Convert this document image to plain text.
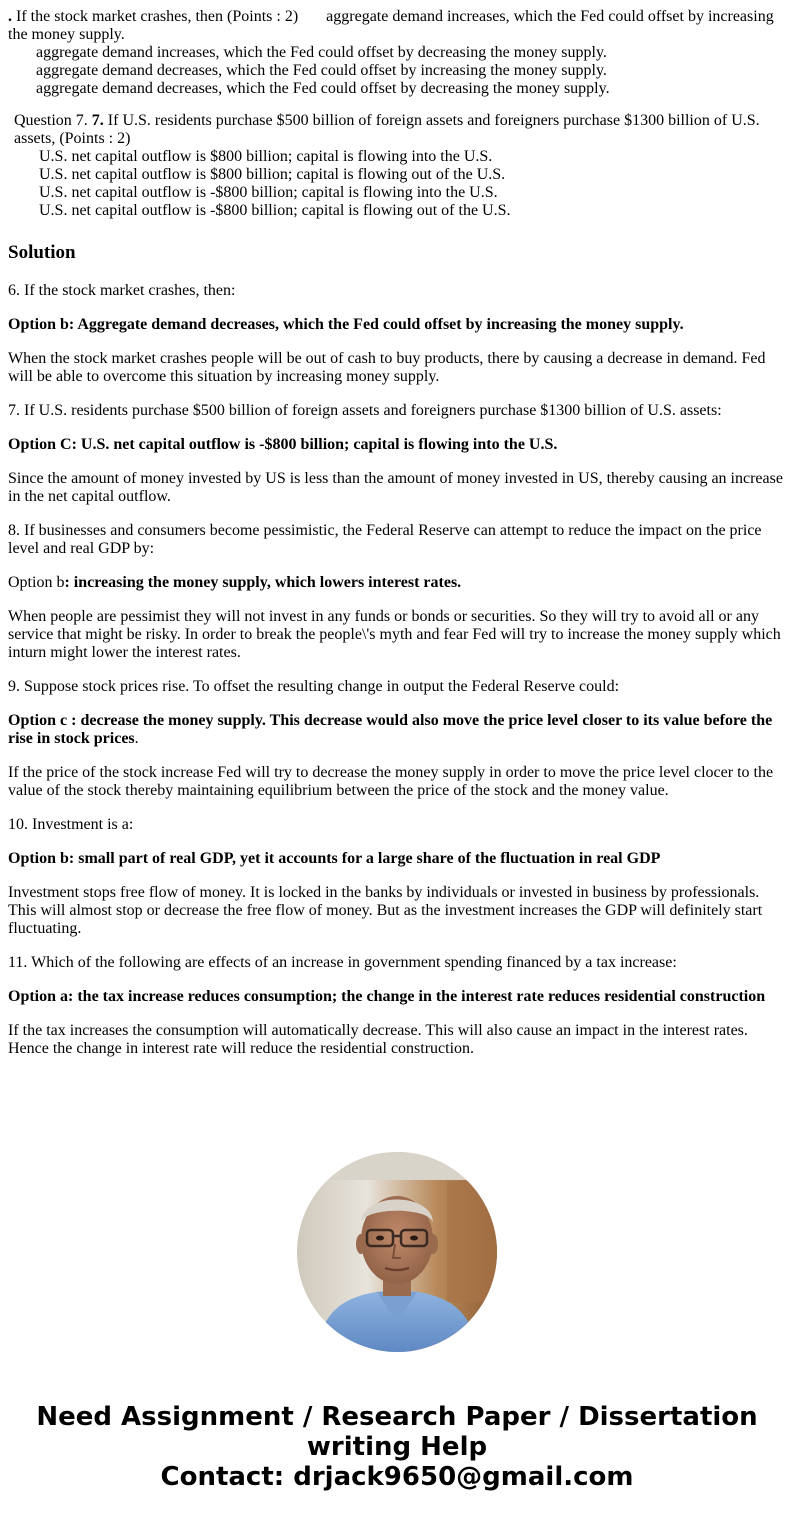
. If the stock market crashes, then (Points : 2) aggregate demand increases, which the Fed could offset by increasing the money supply.
aggregate demand increases, which the Fed could offset by decreasing the money supply.
aggregate demand decreases, which the Fed could offset by increasing the money supply.
aggregate demand decreases, which the Fed could offset by decreasing the money supply.
Question 7. 7. If U.S. residents purchase $500 billion of foreign assets and foreigners purchase $1300 billion of U.S. assets, (Points : 2)
U.S. net capital outflow is $800 billion; capital is flowing into the U.S.
U.S. net capital outflow is $800 billion; capital is flowing out of the U.S.
U.S. net capital outflow is -$800 billion; capital is flowing into the U.S.
U.S. net capital outflow is -$800 billion; capital is flowing out of the U.S.
Solution

6. If the stock market crashes, then:

Option b: Aggregate demand decreases, which the Fed could offset by increasing the money supply.

When the stock market crashes people will be out of cash to buy products, there by causing a decrease in demand. Fed will be able to overcome this situation by increasing money supply.

7. If U.S. residents purchase $500 billion of foreign assets and foreigners purchase $1300 billion of U.S. assets:

Option C: U.S. net capital outflow is -$800 billion; capital is flowing into the U.S.

Since the amount of money invested by US is less than the amount of money invested in US, thereby causing an increase in the net capital outflow.

8. If businesses and consumers become pessimistic, the Federal Reserve can attempt to reduce the impact on the price level and real GDP by:

Option b: increasing the money supply, which lowers interest rates.

When people are pessimist they will not invest in any funds or bonds or securities. So they will try to avoid all or any service that might be risky. In order to break the people\'s myth and fear Fed will try to increase the money supply which inturn might lower the interest rates.

9. Suppose stock prices rise. To offset the resulting change in output the Federal Reserve could:

Option c : decrease the money supply. This decrease would also move the price level closer to its value before the rise in stock prices.

If the price of the stock increase Fed will try to decrease the money supply in order to move the price level clocer to the value of the stock thereby maintaining equilibrium between the price of the stock and the money value.

10. Investment is a:

Option b: small part of real GDP, yet it accounts for a large share of the fluctuation in real GDP

Investment stops free flow of money. It is locked in the banks by individuals or invested in business by professionals. This will almost stop or decrease the free flow of money. But as the investment increases the GDP will definitely start fluctuating.

11. Which of the following are effects of an increase in government spending financed by a tax increase:

Option a: the tax increase reduces consumption; the change in the interest rate reduces residential construction

If the tax increases the consumption will automatically decrease. This will also cause an impact in the interest rates. Hence the change in interest rate will reduce the residential construction.

Need Assignment / Research Paper / Dissertation
writing Help
Contact: drjack9650@gmail.com
